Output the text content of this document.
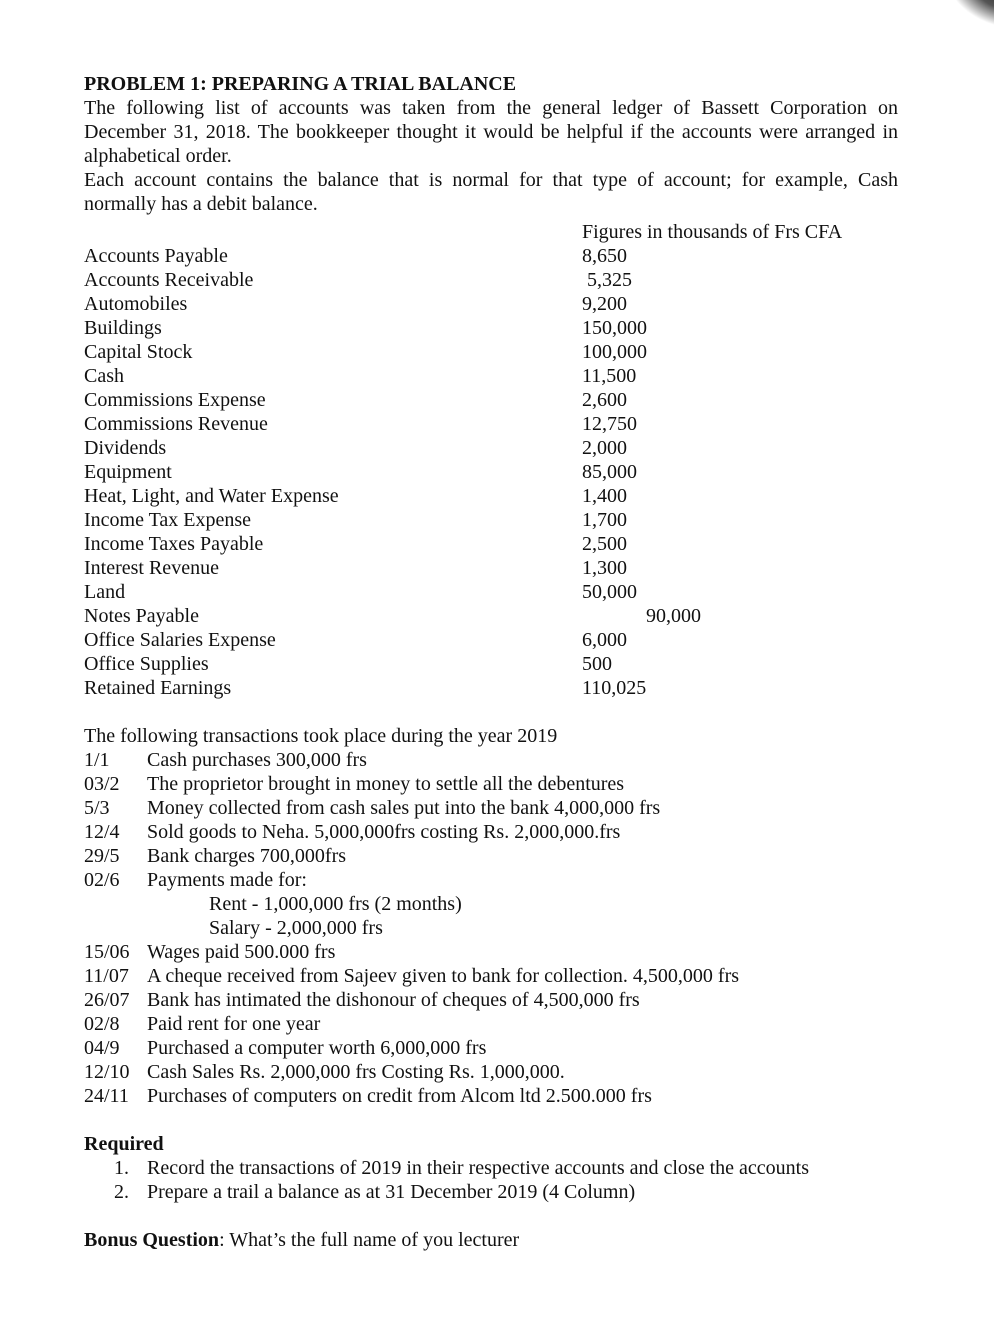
PROBLEM 1: PREPARING A TRIAL BALANCE

The following list of accounts was taken from the general ledger of Bassett Corporation on December 31, 2018. The bookkeeper thought it would be helpful if the accounts were arranged in alphabetical order.

Each account contains the balance that is normal for that type of account; for example, Cash normally has a debit balance.

Figures in thousands of Frs CFA
Accounts Payable	8,650
Accounts Receivable	5,325
Automobiles	9,200
Buildings	150,000
Capital Stock	100,000
Cash	11,500
Commissions Expense	2,600
Commissions Revenue	12,750
Dividends	2,000
Equipment	85,000
Heat, Light, and Water Expense	1,400
Income Tax Expense	1,700
Income Taxes Payable	2,500
Interest Revenue	1,300
Land	50,000
Notes Payable	90,000
Office Salaries Expense	6,000
Office Supplies	500
Retained Earnings	110,025
The following transactions took place during the year 2019
1/1 Cash purchases 300,000 frs
03/2 The proprietor brought in money to settle all the debentures
5/3 Money collected from cash sales put into the bank 4,000,000 frs
12/4 Sold goods to Neha. 5,000,000frs costing Rs. 2,000,000.frs
29/5 Bank charges 700,000frs
02/6 Payments made for:
Rent - 1,000,000 frs (2 months)
Salary - 2,000,000 frs
15/06 Wages paid 500.000 frs
11/07 A cheque received from Sajeev given to bank for collection. 4,500,000 frs
26/07 Bank has intimated the dishonour of cheques of 4,500,000 frs
02/8 Paid rent for one year
04/9 Purchased a computer worth 6,000,000 frs
12/10 Cash Sales Rs. 2,000,000 frs Costing Rs. 1,000,000.
24/11 Purchases of computers on credit from Alcom ltd 2.500.000 frs
Required
1. Record the transactions of 2019 in their respective accounts and close the accounts
2. Prepare a trail a balance as at 31 December 2019 (4 Column)
Bonus Question: What’s the full name of you lecturer
